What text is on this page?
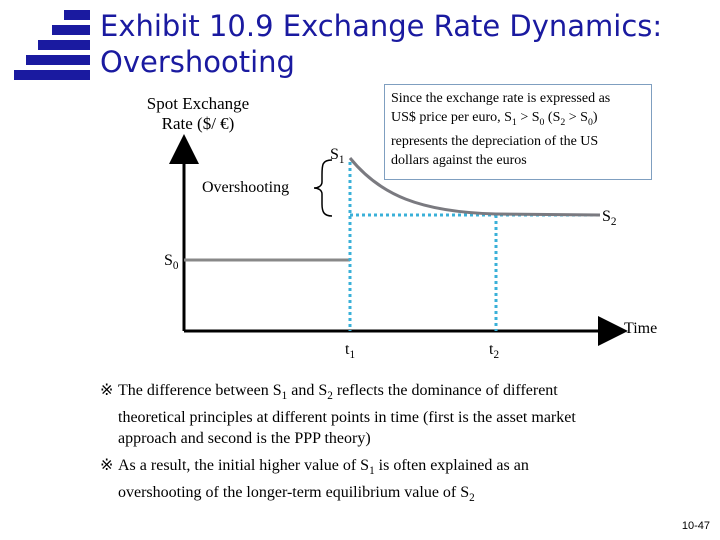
Exhibit 10.9 Exchange Rate Dynamics:
Overshooting
Spot Exchange
Rate ($/ €)
$S_1$
$S_2$
$S_0$
$t_1$	$t_2$
Time
Overshooting
Since the exchange rate is expressed as
US$ price per euro, $S_1 > S_0$ $(S_2 > S_0)$
represents the depreciation of the US
dollars against the euros
※ The difference between $S_1$ and $S_2$ reflects the dominance of different
theoretical principles at different points in time (first is the asset market
approach and second is the PPP theory)
※ As a result, the initial higher value of $S_1$ is often explained as an
overshooting of the longer-term equilibrium value of $S_2$
10-47
